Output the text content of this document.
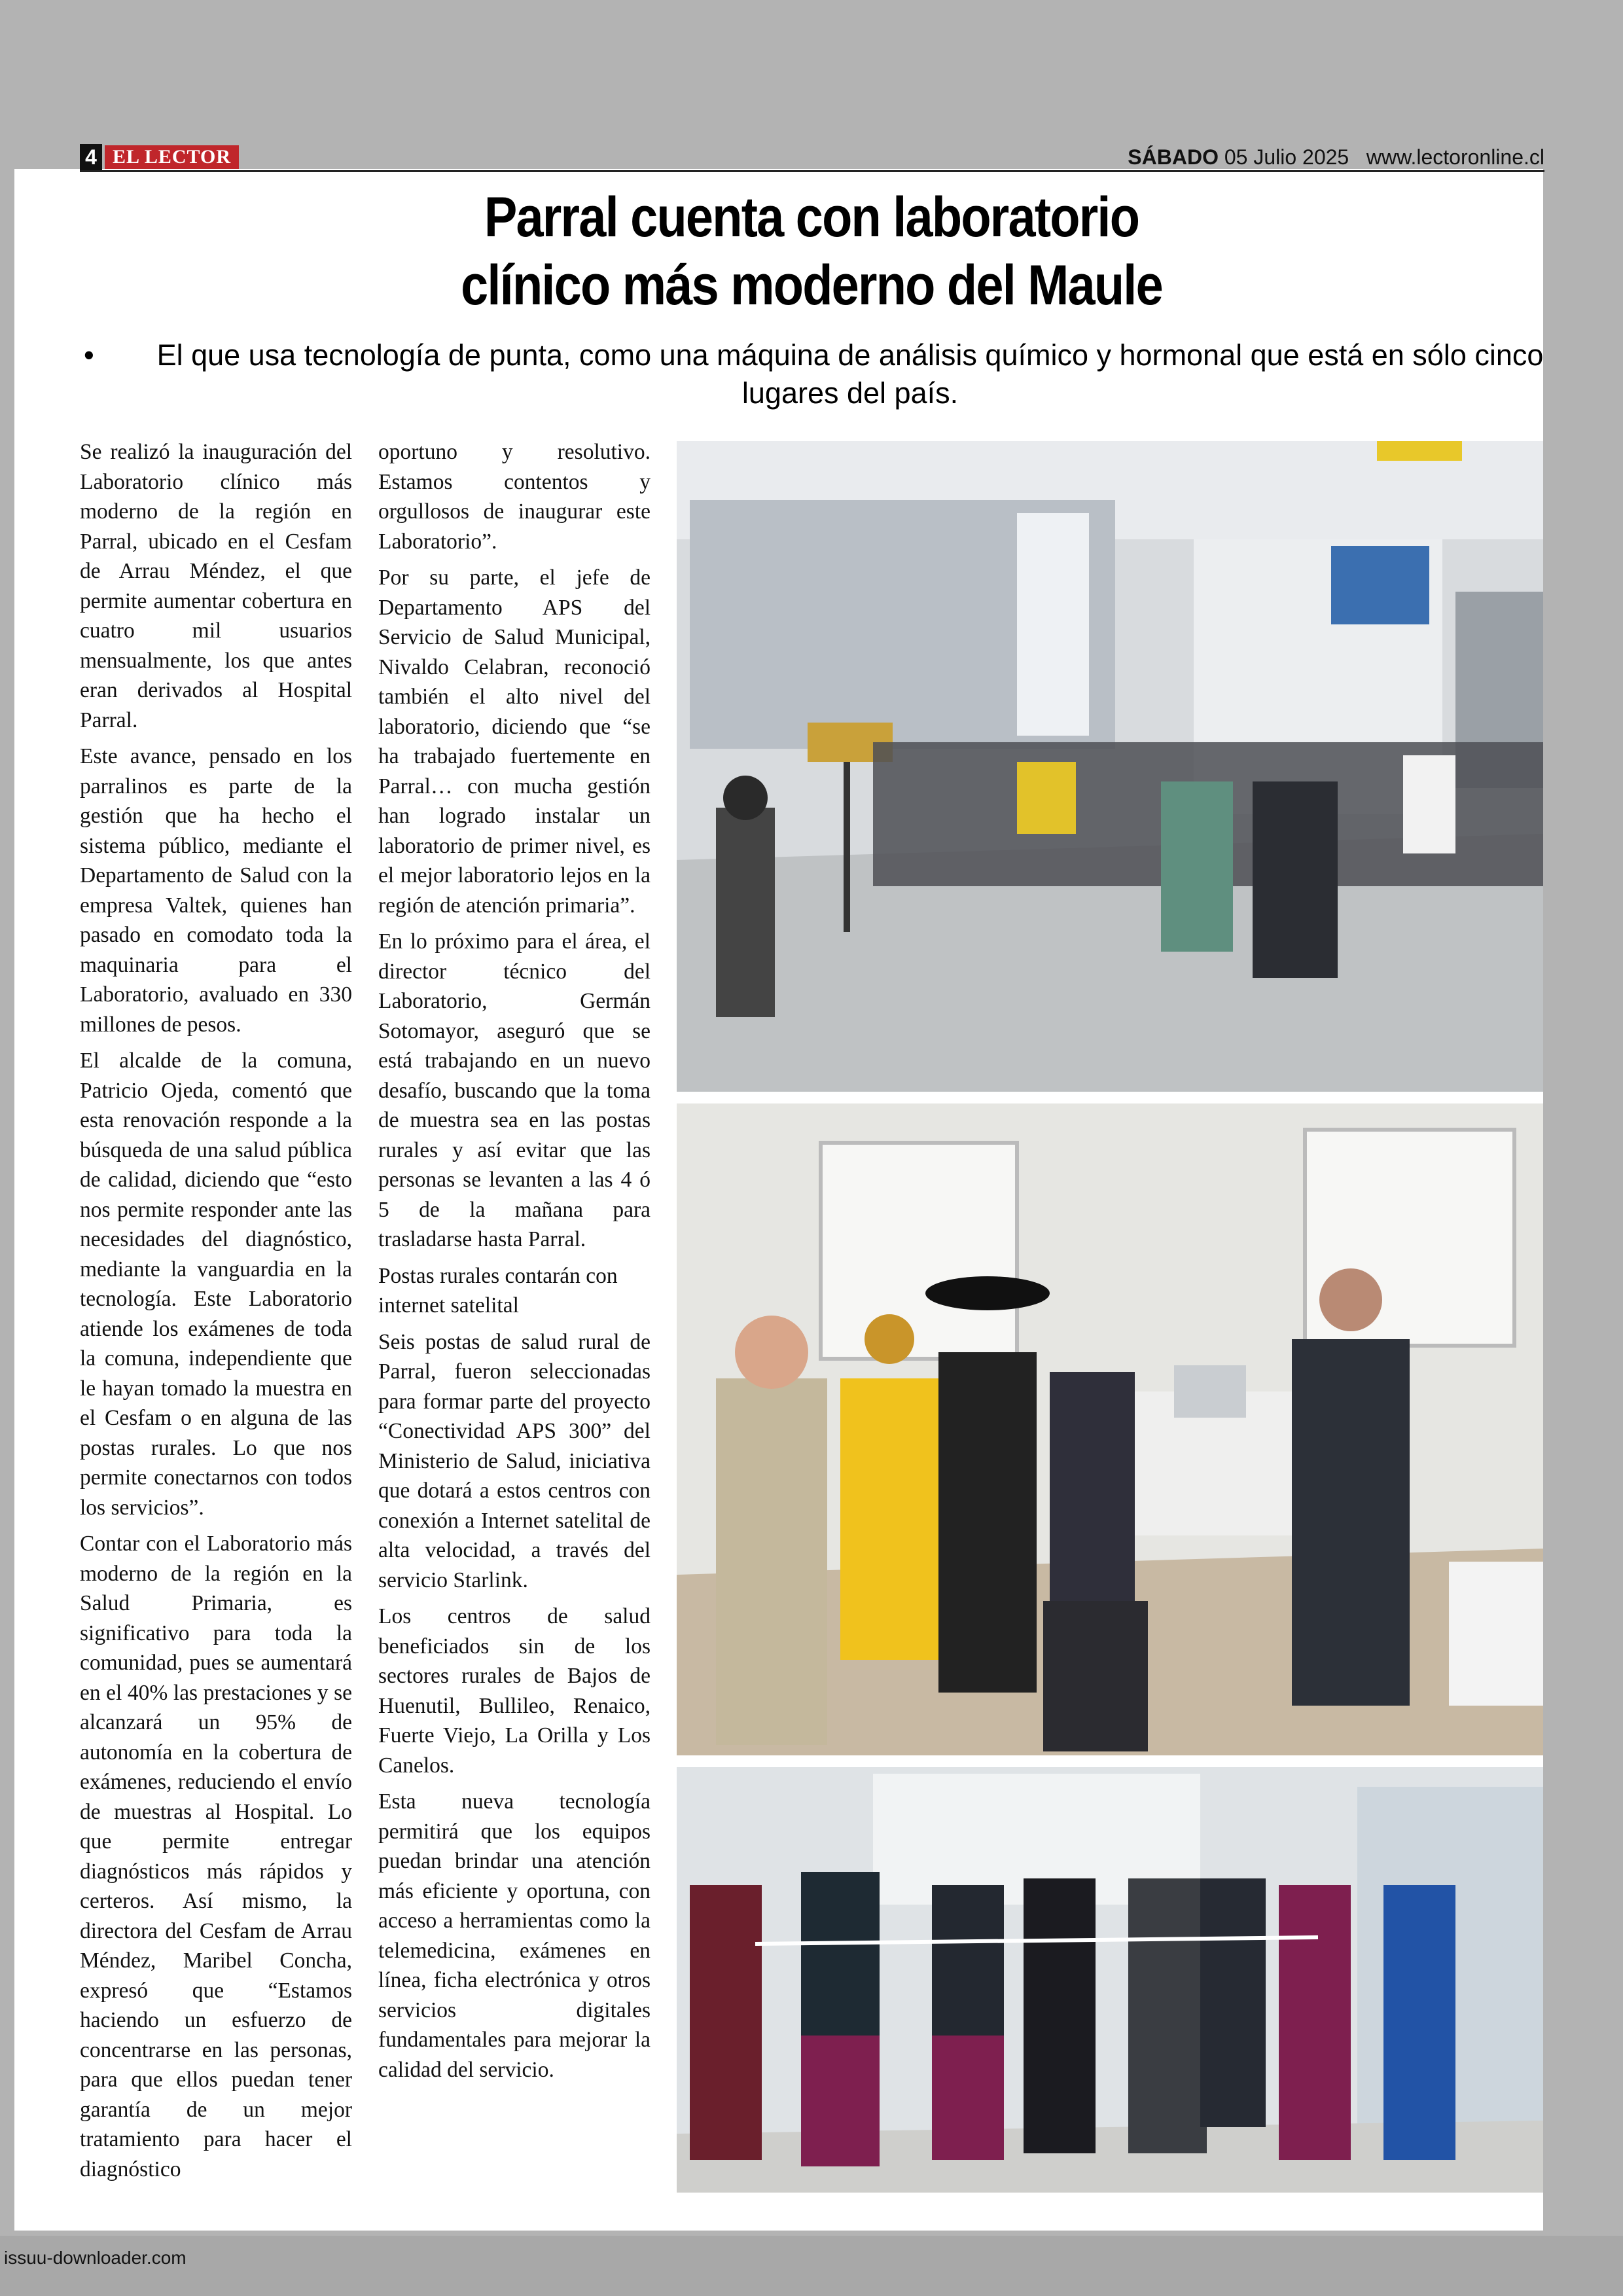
issuu-downloader.com
4 EL LECTOR	SÁBADO 05 Julio 2025 www.lectoronline.cl
Parral cuenta con laboratorio
clínico más moderno del Maule
•	El que usa tecnología de punta, como una máquina de análisis químico y hormonal que está en sólo cinco lugares del país.

Se realizó la inauguración del Laboratorio clínico más moderno de la región en Parral, ubicado en el Cesfam de Arrau Méndez, el que permite aumentar cobertura en cuatro mil usuarios mensualmente, los que antes eran derivados al Hospital Parral.

Este avance, pensado en los parralinos es parte de la gestión que ha hecho el sistema público, mediante el Departamento de Salud con la empresa Valtek, quienes han pasado en comodato toda la maquinaria para el Laboratorio, avaluado en 330 millones de pesos.

El alcalde de la comuna, Patricio Ojeda, comentó que esta renovación responde a la búsqueda de una salud pública de calidad, diciendo que “esto nos permite responder ante las necesidades del diagnóstico, mediante la vanguardia en la tecnología. Este Laboratorio atiende los exámenes de toda la comuna, independiente que le hayan tomado la muestra en el Cesfam o en alguna de las postas rurales. Lo que nos permite conectarnos con todos los servicios”.

Contar con el Laboratorio más moderno de la región en la Salud Primaria, es significativo para toda la comunidad, pues se aumentará en el 40% las prestaciones y se alcanzará un 95% de autonomía en la cobertura de exámenes, reduciendo el envío de muestras al Hospital. Lo que permite entregar diagnósticos más rápidos y certeros. Así mismo, la directora del Cesfam de Arrau Méndez, Maribel Concha, expresó que “Estamos haciendo un esfuerzo de concentrarse en las personas, para que ellos puedan tener garantía de un mejor tratamiento para hacer el diagnóstico

oportuno y resolutivo. Estamos contentos y orgullosos de inaugurar este Laboratorio”.

Por su parte, el jefe de Departamento APS del Servicio de Salud Municipal, Nivaldo Celabran, reconoció también el alto nivel del laboratorio, diciendo que “se ha trabajado fuertemente en Parral… con mucha gestión han logrado instalar un laboratorio de primer nivel, es el mejor laboratorio lejos en la región de atención primaria”.

En lo próximo para el área, el director técnico del Laboratorio, Germán Sotomayor, aseguró que se está trabajando en un nuevo desafío, buscando que la toma de muestra sea en las postas rurales y así evitar que las personas se levanten a las 4 ó 5 de la mañana para trasladarse hasta Parral.

Postas rurales contarán con internet satelital

Seis postas de salud rural de Parral, fueron seleccionadas para formar parte del proyecto “Conectividad APS 300” del Ministerio de Salud, iniciativa que dotará a estos centros con conexión a Internet satelital de alta velocidad, a través del servicio Starlink.

Los centros de salud beneficiados sin de los sectores rurales de Bajos de Huenutil, Bullileo, Renaico, Fuerte Viejo, La Orilla y Los Canelos.

Esta nueva tecnología permitirá que los equipos puedan brindar una atención más eficiente y oportuna, con acceso a herramientas como la telemedicina, exámenes en línea, ficha electrónica y otros servicios digitales fundamentales para mejorar la calidad del servicio.
